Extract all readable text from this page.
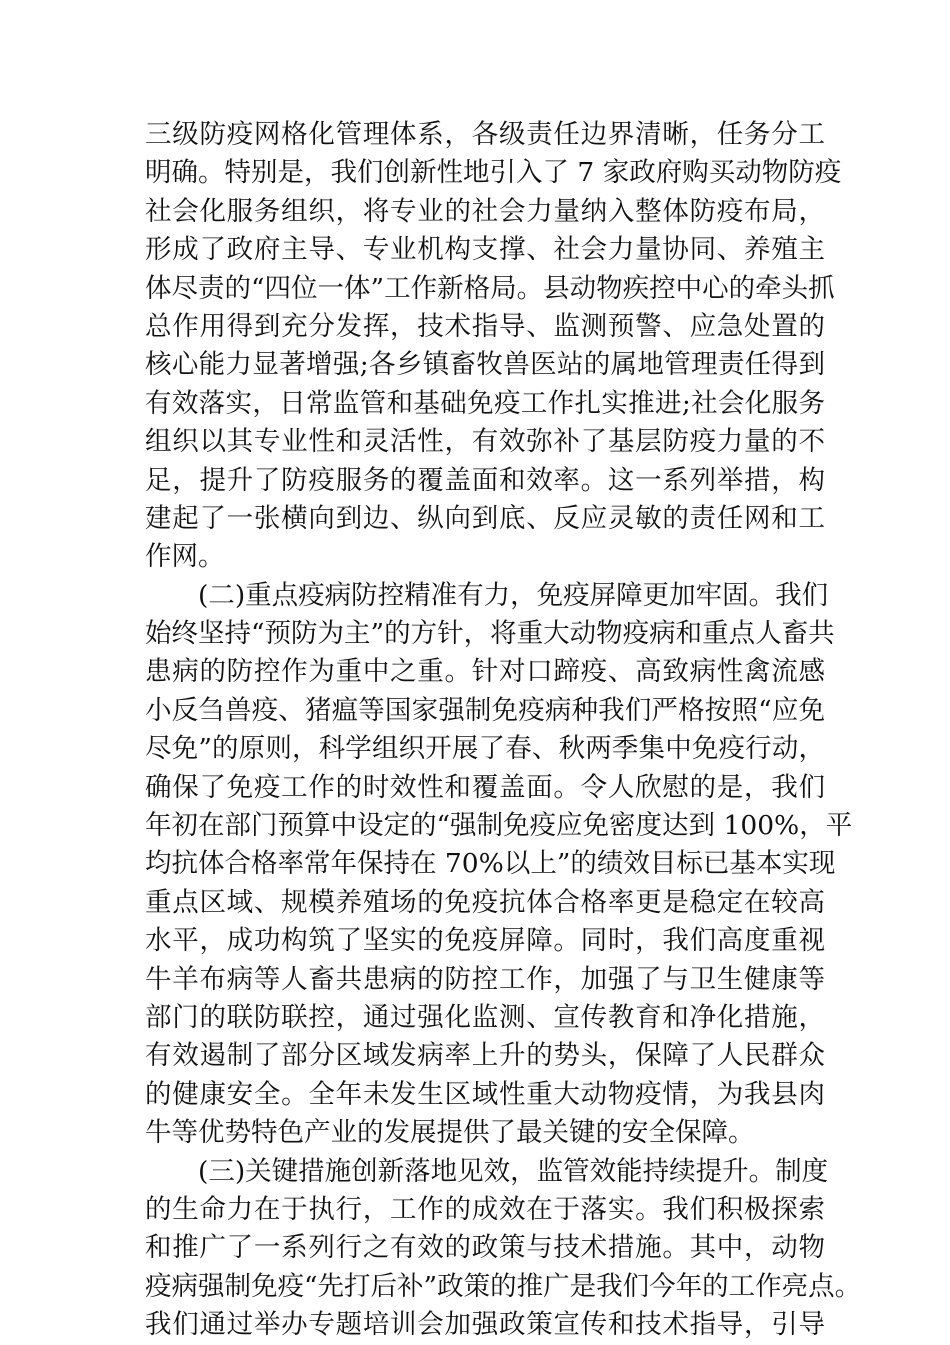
三级防疫网格化管理体系，各级责任边界清晰，任务分工
明确。特别是，我们创新性地引入了 7 家政府购买动物防疫
社会化服务组织，将专业的社会力量纳入整体防疫布局，
形成了政府主导、专业机构支撑、社会力量协同、养殖主
体尽责的“四位一体”工作新格局。县动物疾控中心的牵头抓
总作用得到充分发挥，技术指导、监测预警、应急处置的
核心能力显著增强;各乡镇畜牧兽医站的属地管理责任得到
有效落实，日常监管和基础免疫工作扎实推进;社会化服务
组织以其专业性和灵活性，有效弥补了基层防疫力量的不
足，提升了防疫服务的覆盖面和效率。这一系列举措，构
建起了一张横向到边、纵向到底、反应灵敏的责任网和工
作网。
(二)重点疫病防控精准有力，免疫屏障更加牢固。我们
始终坚持“预防为主”的方针，将重大动物疫病和重点人畜共
患病的防控作为重中之重。针对口蹄疫、高致病性禽流感
小反刍兽疫、猪瘟等国家强制免疫病种我们严格按照“应免
尽免”的原则，科学组织开展了春、秋两季集中免疫行动，
确保了免疫工作的时效性和覆盖面。令人欣慰的是，我们
年初在部门预算中设定的“强制免疫应免密度达到 100%，平
均抗体合格率常年保持在 70%以上”的绩效目标已基本实现
重点区域、规模养殖场的免疫抗体合格率更是稳定在较高
水平，成功构筑了坚实的免疫屏障。同时，我们高度重视
牛羊布病等人畜共患病的防控工作，加强了与卫生健康等
部门的联防联控，通过强化监测、宣传教育和净化措施，
有效遏制了部分区域发病率上升的势头，保障了人民群众
的健康安全。全年未发生区域性重大动物疫情，为我县肉
牛等优势特色产业的发展提供了最关键的安全保障。
(三)关键措施创新落地见效，监管效能持续提升。制度
的生命力在于执行，工作的成效在于落实。我们积极探索
和推广了一系列行之有效的政策与技术措施。其中，动物
疫病强制免疫“先打后补”政策的推广是我们今年的工作亮点。
我们通过举办专题培训会加强政策宣传和技术指导，引导
